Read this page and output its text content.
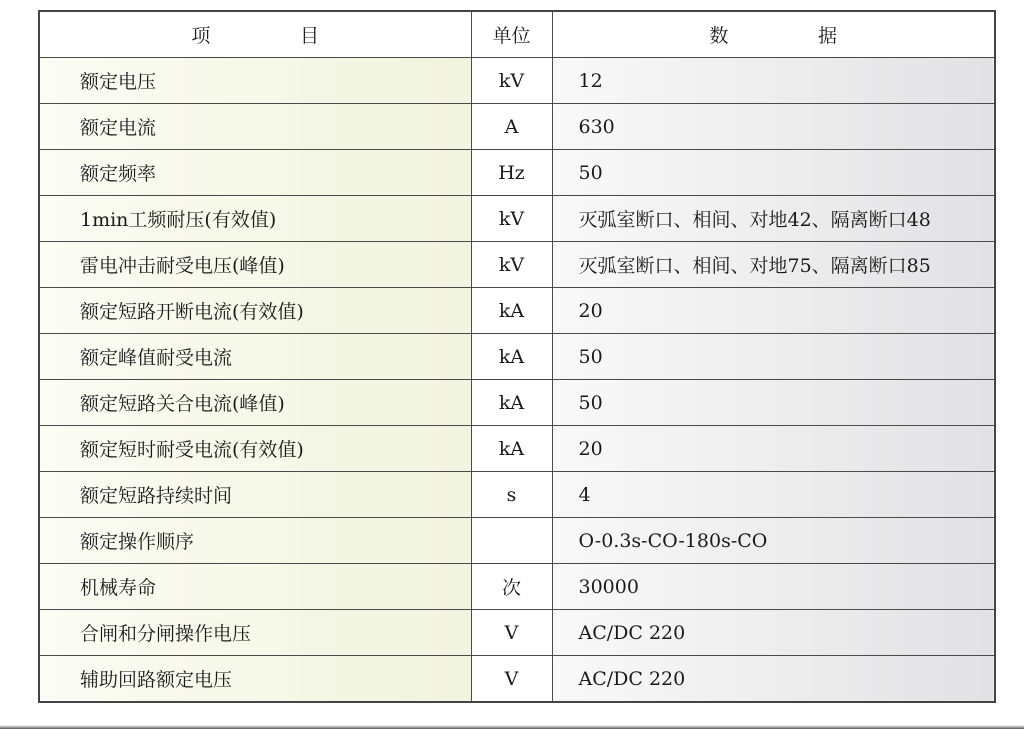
项 目	单位	数 据
额定电压	kV	12
额定电流	A	630
额定频率	Hz	50
1min工频耐压(有效值)	kV	灭弧室断口、相间、对地42、隔离断口48
雷电冲击耐受电压(峰值)	kV	灭弧室断口、相间、对地75、隔离断口85
额定短路开断电流(有效值)	kA	20
额定峰值耐受电流	kA	50
额定短路关合电流(峰值)	kA	50
额定短时耐受电流(有效值)	kA	20
额定短路持续时间	s	4
额定操作顺序		O-0.3s-CO-180s-CO
机械寿命	次	30000
合闸和分闸操作电压	V	AC/DC 220
辅助回路额定电压	V	AC/DC 220
